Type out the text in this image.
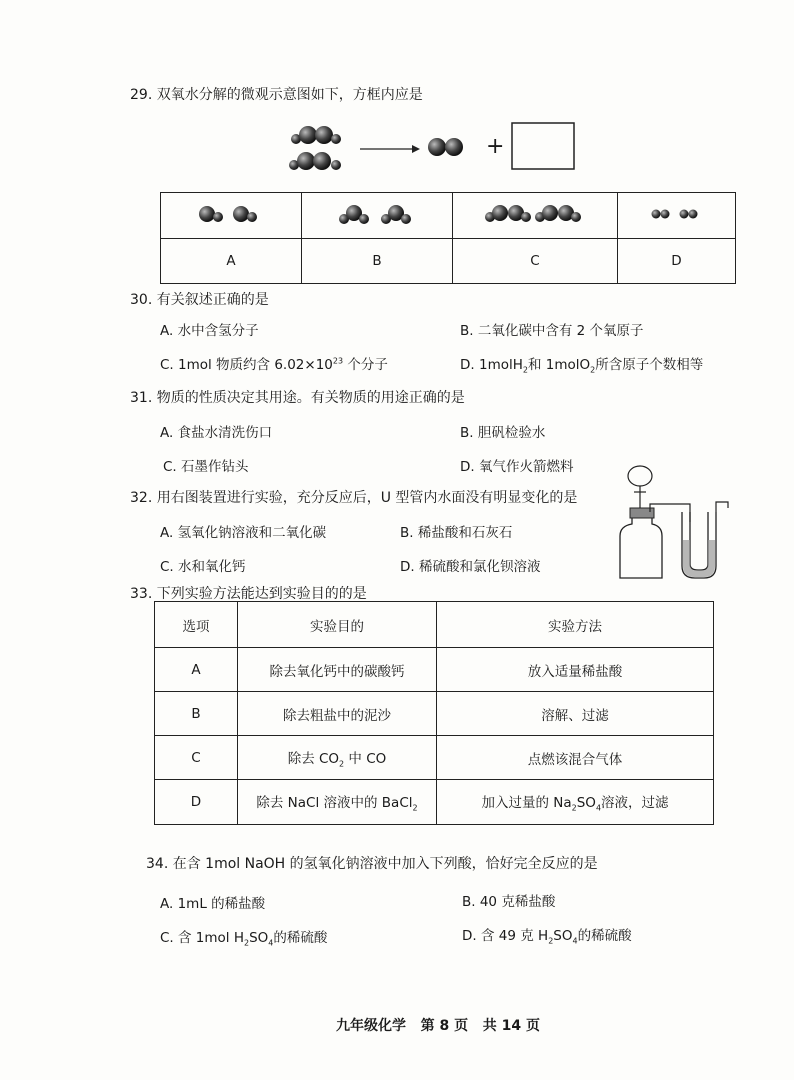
29. 双氧水分解的微观示意图如下，方框内应是
+

A	B	C	D
30. 有关叙述正确的是
A. 水中含氢分子	B. 二氧化碳中含有 2 个氧原子
C. 1mol 物质约含 $6.02\times 10^{23}$ 个分子	D. 1molH$_2$和 1molO$_2$所含原子个数相等
31. 物质的性质决定其用途。有关物质的用途正确的是
A. 食盐水清洗伤口	B. 胆矾检验水
C. 石墨作钻头	D. 氧气作火箭燃料
32. 用右图装置进行实验，充分反应后，U 型管内水面没有明显变化的是
A. 氢氧化钠溶液和二氧化碳	B. 稀盐酸和石灰石
C. 水和氧化钙	D. 稀硫酸和氯化钡溶液
33. 下列实验方法能达到实验目的的是
选项	实验目的	实验方法
A	除去氧化钙中的碳酸钙	放入适量稀盐酸
B	除去粗盐中的泥沙	溶解、过滤
C	除去 $CO_2$ 中 CO	点燃该混合气体
D	除去 NaCl 溶液中的 BaCl$_2$	加入过量的 $Na_2SO_4$溶液，过滤
34. 在含 1mol NaOH 的氢氧化钠溶液中加入下列酸，恰好完全反应的是
A. 1mL 的稀盐酸	B. 40 克稀盐酸
C. 含 1mol $H_2SO_4$的稀硫酸	D. 含 49 克 $H_2SO_4$的稀硫酸
九年级化学   第 8 页   共 14 页
